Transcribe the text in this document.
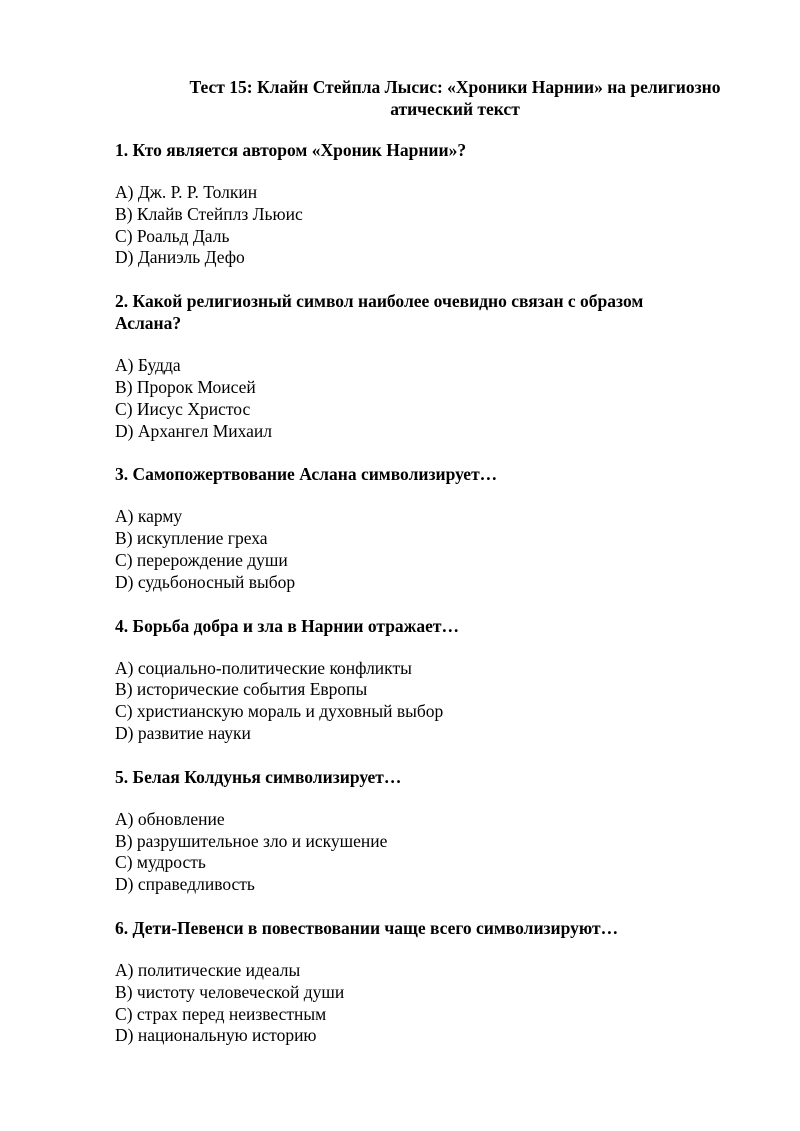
Тест 15: Клайн Стейпла Лысис: «Хроники Нарнии» на религиозно
атический текст
1. Кто является автором «Хроник Нарнии»?
A ) Дж. Р. Р. Толкин
B ) Клайв Стейплз Льюис
C ) Роальд Даль
D ) Даниэль Дефо
2. Какой религиозный символ наиболее очевидно связан с образом Аслана?
A ) Будда
B ) Пророк Моисей
C ) Иисус Христос
D ) Архангел Михаил
3. Самопожертвование Аслана символизирует…
A ) карму
B ) искупление греха
C ) перерождение души
D ) судьбоносный выбор
4. Борьба добра и зла в Нарнии отражает…
A ) социально-политические конфликты
B ) исторические события Европы
C ) христианскую мораль и духовный выбор
D ) развитие науки
5. Белая Колдунья символизирует…
A ) обновление
B ) разрушительное зло и искушение
C ) мудрость
D ) справедливость
6. Дети-Певенси в повествовании чаще всего символизируют…
A ) политические идеалы
B ) чистоту человеческой души
C ) страх перед неизвестным
D ) национальную историю
